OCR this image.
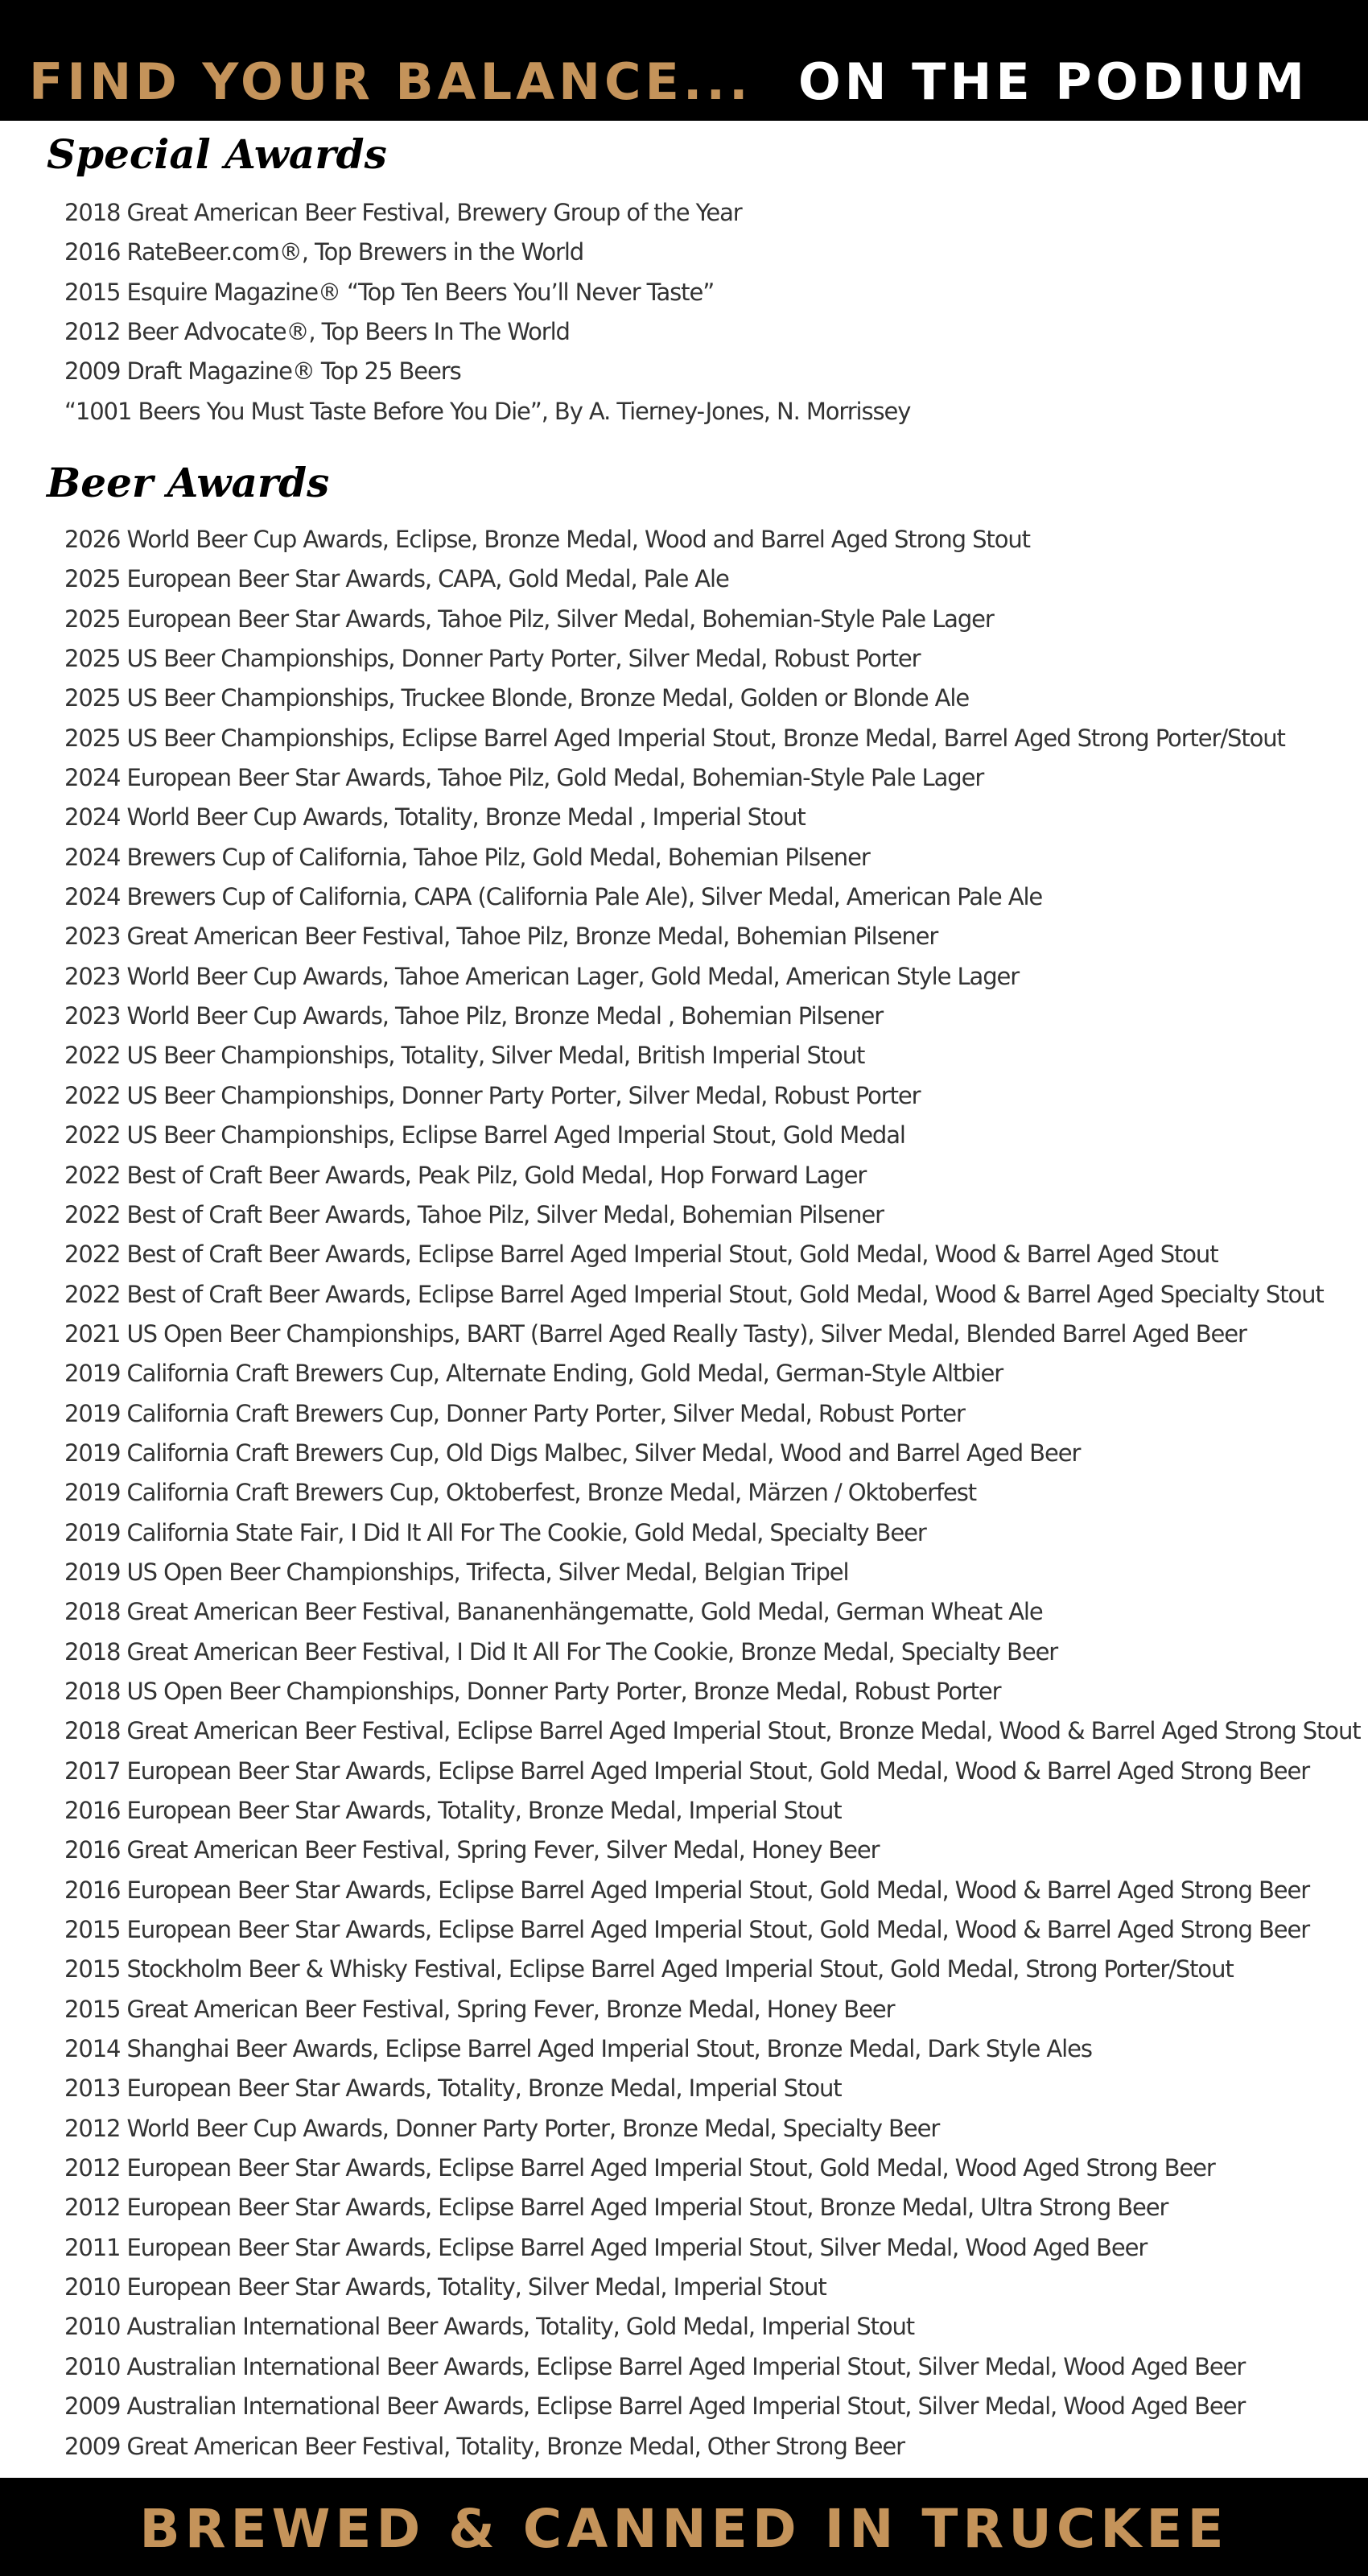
FIND YOUR BALANCE... ON THE PODIUM
Special Awards
2018 Great American Beer Festival, Brewery Group of the Year
2016 RateBeer.com®, Top Brewers in the World
2015 Esquire Magazine® “Top Ten Beers You’ll Never Taste”
2012 Beer Advocate®, Top Beers In The World
2009 Draft Magazine® Top 25 Beers
“1001 Beers You Must Taste Before You Die”, By A. Tierney-Jones, N. Morrissey
Beer Awards
2026 World Beer Cup Awards, Eclipse, Bronze Medal, Wood and Barrel Aged Strong Stout
2025 European Beer Star Awards, CAPA, Gold Medal, Pale Ale
2025 European Beer Star Awards, Tahoe Pilz, Silver Medal, Bohemian-Style Pale Lager
2025 US Beer Championships, Donner Party Porter, Silver Medal, Robust Porter
2025 US Beer Championships, Truckee Blonde, Bronze Medal, Golden or Blonde Ale
2025 US Beer Championships, Eclipse Barrel Aged Imperial Stout, Bronze Medal, Barrel Aged Strong Porter/Stout
2024 European Beer Star Awards, Tahoe Pilz, Gold Medal, Bohemian-Style Pale Lager
2024 World Beer Cup Awards, Totality, Bronze Medal , Imperial Stout
2024 Brewers Cup of California, Tahoe Pilz, Gold Medal, Bohemian Pilsener
2024 Brewers Cup of California, CAPA (California Pale Ale), Silver Medal, American Pale Ale
2023 Great American Beer Festival, Tahoe Pilz, Bronze Medal, Bohemian Pilsener
2023 World Beer Cup Awards, Tahoe American Lager, Gold Medal, American Style Lager
2023 World Beer Cup Awards, Tahoe Pilz, Bronze Medal , Bohemian Pilsener
2022 US Beer Championships, Totality, Silver Medal, British Imperial Stout
2022 US Beer Championships, Donner Party Porter, Silver Medal, Robust Porter
2022 US Beer Championships, Eclipse Barrel Aged Imperial Stout, Gold Medal
2022 Best of Craft Beer Awards, Peak Pilz, Gold Medal, Hop Forward Lager
2022 Best of Craft Beer Awards, Tahoe Pilz, Silver Medal, Bohemian Pilsener
2022 Best of Craft Beer Awards, Eclipse Barrel Aged Imperial Stout, Gold Medal, Wood & Barrel Aged Stout
2022 Best of Craft Beer Awards, Eclipse Barrel Aged Imperial Stout, Gold Medal, Wood & Barrel Aged Specialty Stout
2021 US Open Beer Championships, BART (Barrel Aged Really Tasty), Silver Medal, Blended Barrel Aged Beer
2019 California Craft Brewers Cup, Alternate Ending, Gold Medal, German-Style Altbier
2019 California Craft Brewers Cup, Donner Party Porter, Silver Medal, Robust Porter
2019 California Craft Brewers Cup, Old Digs Malbec, Silver Medal, Wood and Barrel Aged Beer
2019 California Craft Brewers Cup, Oktoberfest, Bronze Medal, Märzen / Oktoberfest
2019 California State Fair, I Did It All For The Cookie, Gold Medal, Specialty Beer
2019 US Open Beer Championships, Trifecta, Silver Medal, Belgian Tripel
2018 Great American Beer Festival, Bananenhängematte, Gold Medal, German Wheat Ale
2018 Great American Beer Festival, I Did It All For The Cookie, Bronze Medal, Specialty Beer
2018 US Open Beer Championships, Donner Party Porter, Bronze Medal, Robust Porter
2018 Great American Beer Festival, Eclipse Barrel Aged Imperial Stout, Bronze Medal, Wood & Barrel Aged Strong Stout
2017 European Beer Star Awards, Eclipse Barrel Aged Imperial Stout, Gold Medal, Wood & Barrel Aged Strong Beer
2016 European Beer Star Awards, Totality, Bronze Medal, Imperial Stout
2016 Great American Beer Festival, Spring Fever, Silver Medal, Honey Beer
2016 European Beer Star Awards, Eclipse Barrel Aged Imperial Stout, Gold Medal, Wood & Barrel Aged Strong Beer
2015 European Beer Star Awards, Eclipse Barrel Aged Imperial Stout, Gold Medal, Wood & Barrel Aged Strong Beer
2015 Stockholm Beer & Whisky Festival, Eclipse Barrel Aged Imperial Stout, Gold Medal, Strong Porter/Stout
2015 Great American Beer Festival, Spring Fever, Bronze Medal, Honey Beer
2014 Shanghai Beer Awards, Eclipse Barrel Aged Imperial Stout, Bronze Medal, Dark Style Ales
2013 European Beer Star Awards, Totality, Bronze Medal, Imperial Stout
2012 World Beer Cup Awards, Donner Party Porter, Bronze Medal, Specialty Beer
2012 European Beer Star Awards, Eclipse Barrel Aged Imperial Stout, Gold Medal, Wood Aged Strong Beer
2012 European Beer Star Awards, Eclipse Barrel Aged Imperial Stout, Bronze Medal, Ultra Strong Beer
2011 European Beer Star Awards, Eclipse Barrel Aged Imperial Stout, Silver Medal, Wood Aged Beer
2010 European Beer Star Awards, Totality, Silver Medal, Imperial Stout
2010 Australian International Beer Awards, Totality, Gold Medal, Imperial Stout
2010 Australian International Beer Awards, Eclipse Barrel Aged Imperial Stout, Silver Medal, Wood Aged Beer
2009 Australian International Beer Awards, Eclipse Barrel Aged Imperial Stout, Silver Medal, Wood Aged Beer
2009 Great American Beer Festival, Totality, Bronze Medal, Other Strong Beer
BREWED & CANNED IN TRUCKEE
